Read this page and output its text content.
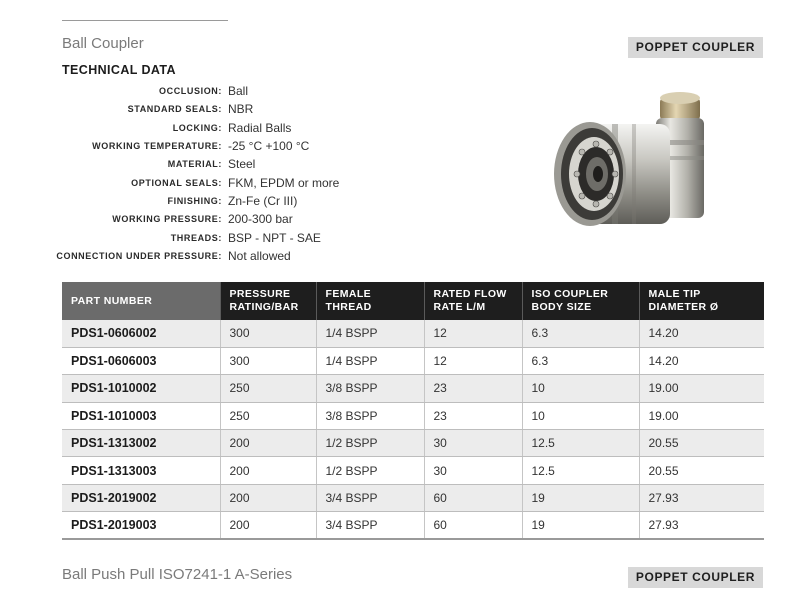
Ball Coupler	POPPET COUPLER
TECHNICAL DATA
OCCLUSION: Ball
STANDARD SEALS: NBR
LOCKING: Radial Balls
WORKING TEMPERATURE: -25 °C +100 °C
MATERIAL: Steel
OPTIONAL SEALS: FKM, EPDM or more
FINISHING: Zn-Fe (Cr III)
WORKING PRESSURE: 200-300 bar
THREADS: BSP - NPT - SAE
CONNECTION UNDER PRESSURE: Not allowed
PART NUMBER	PRESSURE RATING/BAR	FEMALE THREAD	RATED FLOW RATE L/M	ISO COUPLER BODY SIZE	MALE TIP DIAMETER Ø
PDS1-0606002	300	1/4 BSPP	12	6.3	14.20
PDS1-0606003	300	1/4 BSPP	12	6.3	14.20
PDS1-1010002	250	3/8 BSPP	23	10	19.00
PDS1-1010003	250	3/8 BSPP	23	10	19.00
PDS1-1313002	200	1/2 BSPP	30	12.5	20.55
PDS1-1313003	200	1/2 BSPP	30	12.5	20.55
PDS1-2019002	200	3/4 BSPP	60	19	27.93
PDS1-2019003	200	3/4 BSPP	60	19	27.93
Ball Push Pull ISO7241-1 A-Series	POPPET COUPLER
